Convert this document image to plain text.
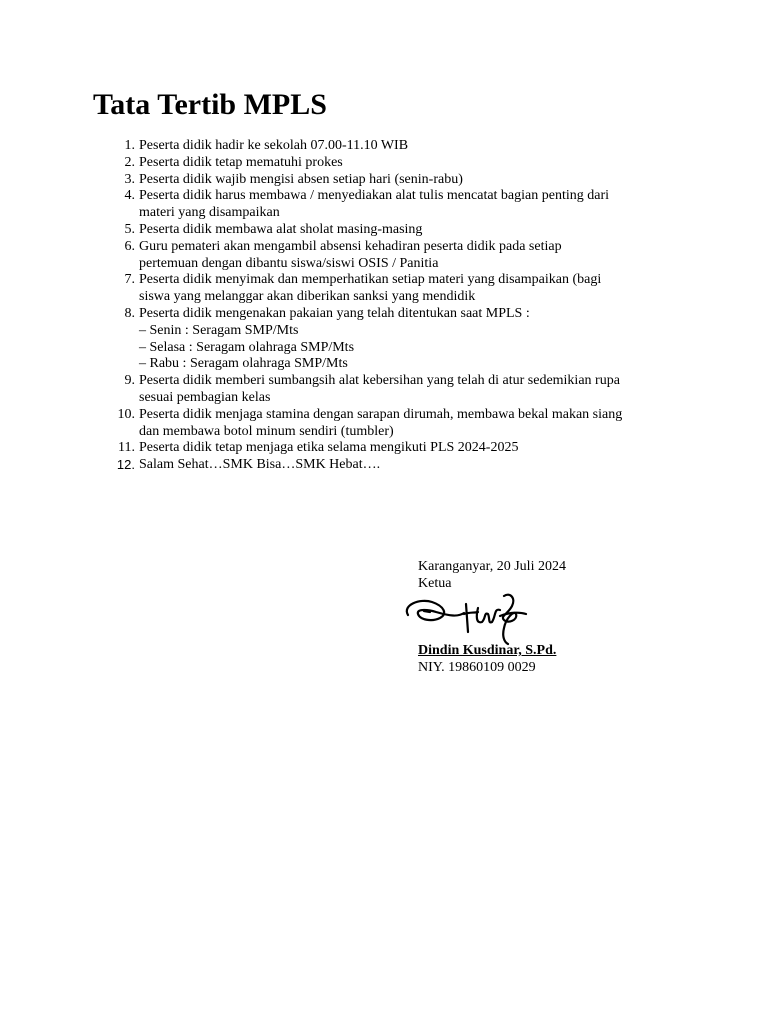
Tata Tertib MPLS
1. Peserta didik hadir ke sekolah 07.00-11.10 WIB
2. Peserta didik tetap mematuhi prokes
3. Peserta didik wajib mengisi absen setiap hari (senin-rabu)
4. Peserta didik harus membawa / menyediakan alat tulis mencatat bagian penting dari
materi yang disampaikan
5. Peserta didik membawa alat sholat masing-masing
6. Guru pemateri akan mengambil absensi kehadiran peserta didik pada setiap
pertemuan dengan dibantu siswa/siswi OSIS / Panitia
7. Peserta didik menyimak dan memperhatikan setiap materi yang disampaikan (bagi
siswa yang melanggar akan diberikan sanksi yang mendidik
8. Peserta didik mengenakan pakaian yang telah ditentukan saat MPLS :
– Senin : Seragam SMP/Mts
– Selasa : Seragam olahraga SMP/Mts
– Rabu : Seragam olahraga SMP/Mts
9. Peserta didik memberi sumbangsih alat kebersihan yang telah di atur sedemikian rupa
sesuai pembagian kelas
10. Peserta didik menjaga stamina dengan sarapan dirumah, membawa bekal makan siang
dan membawa botol minum sendiri (tumbler)
11. Peserta didik tetap menjaga etika selama mengikuti PLS 2024-2025
12. Salam Sehat…SMK Bisa…SMK Hebat….
Karanganyar, 20 Juli 2024
Ketua
Dindin Kusdinar, S.Pd.
NIY. 19860109 0029
